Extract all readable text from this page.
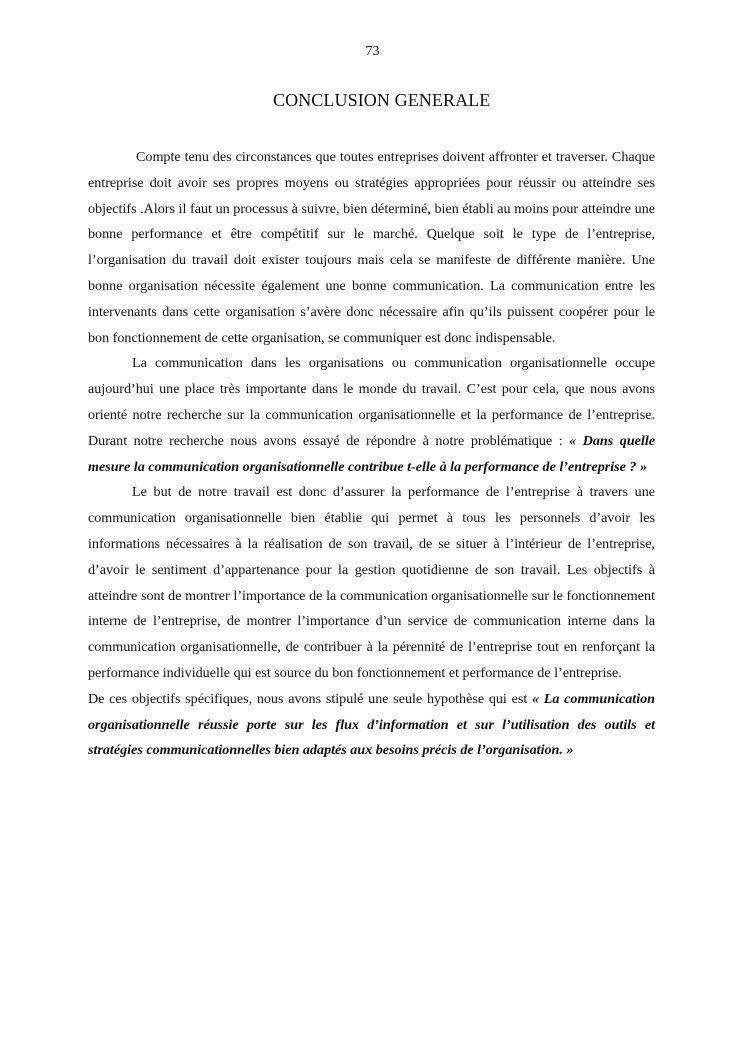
73
CONCLUSION GENERALE

Compte tenu des circonstances que toutes entreprises doivent affronter et traverser. Chaque entreprise doit avoir ses propres moyens ou stratégies appropriées pour réussir ou atteindre ses objectifs .Alors il faut un processus à suivre, bien déterminé, bien établi au moins pour atteindre une bonne performance et être compétitif sur le marché. Quelque soit le type de l’entreprise, l’organisation du travail doit exister toujours mais cela se manifeste de différente manière. Une bonne organisation nécessite également une bonne communication. La communication entre les intervenants dans cette organisation s’avère donc nécessaire afin qu’ils puissent coopérer pour le bon fonctionnement de cette organisation, se communiquer est donc indispensable.

La communication dans les organisations ou communication organisationnelle occupe aujourd’hui une place très importante dans le monde du travail. C’est pour cela, que nous avons orienté notre recherche sur la communication organisationnelle et la performance de l’entreprise. Durant notre recherche nous avons essayé de répondre à notre problématique : « Dans quelle mesure la communication organisationnelle contribue t-elle à la performance de l’entreprise ? »

Le but de notre travail est donc d’assurer la performance de l’entreprise à travers une communication organisationnelle bien établie qui permet à tous les personnels d’avoir les informations nécessaires à la réalisation de son travail, de se situer à l’intérieur de l’entreprise, d’avoir le sentiment d’appartenance pour la gestion quotidienne de son travail. Les objectifs à atteindre sont de montrer l’importance de la communication organisationnelle sur le fonctionnement interne de l’entreprise, de montrer l’importance d’un service de communication interne dans la communication organisationnelle, de contribuer à la pérennité de l’entreprise tout en renforçant la performance individuelle qui est source du bon fonctionnement et performance de l’entreprise.

De ces objectifs spécifiques, nous avons stipulé une seule hypothèse qui est « La communication organisationnelle réussie porte sur les flux d’information et sur l’utilisation des outils et stratégies communicationnelles bien adaptés aux besoins précis de l’organisation. »
